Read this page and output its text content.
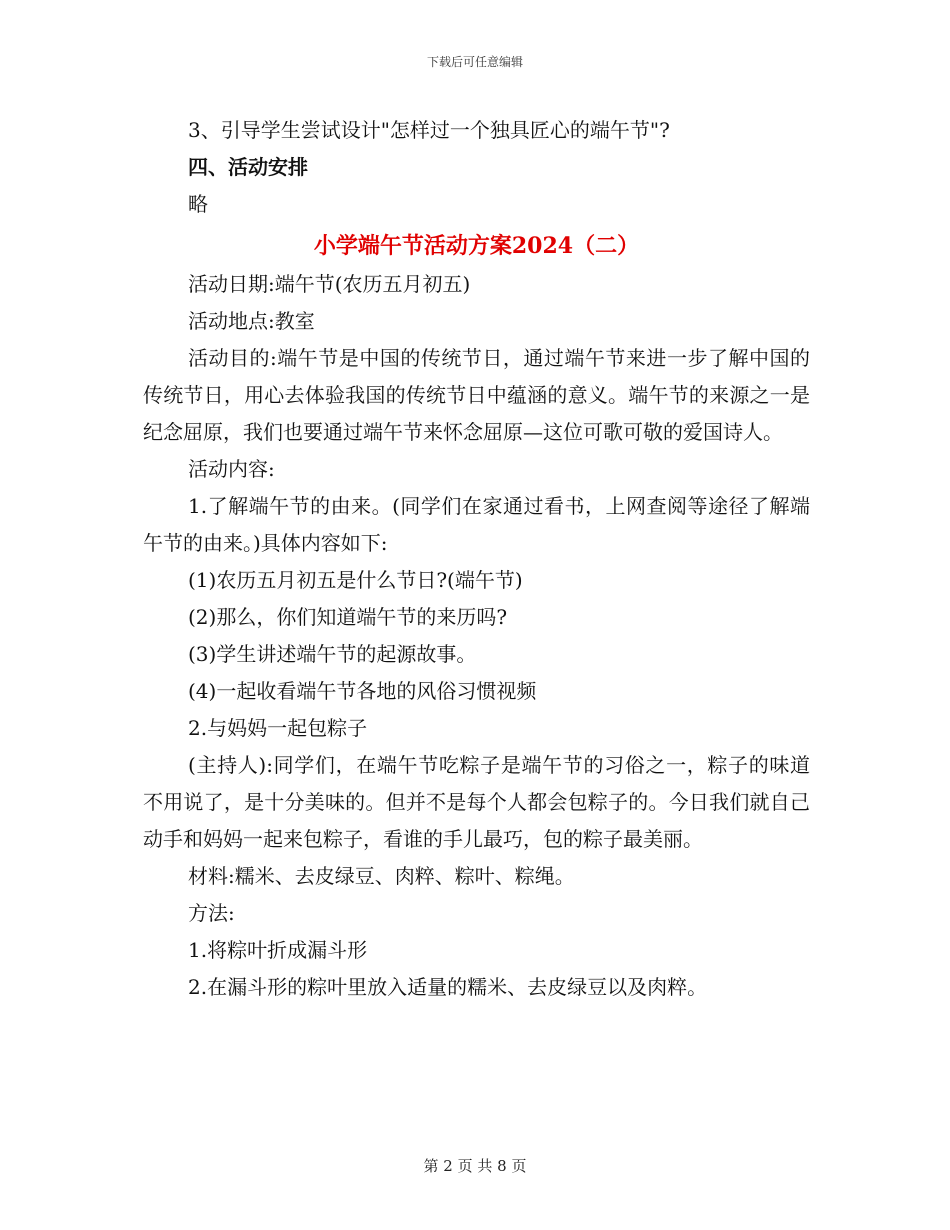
下载后可任意编辑

3、引导学生尝试设计"怎样过一个独具匠心的端午节"?

四、活动安排

略

小学端午节活动方案2024（二）

活动日期:端午节(农历五月初五)

活动地点:教室

活动目的:端午节是中国的传统节日，通过端午节来进一步了解中国的传统节日，用心去体验我国的传统节日中蕴涵的意义。端午节的来源之一是纪念屈原，我们也要通过端午节来怀念屈原—这位可歌可敬的爱国诗人。

活动内容:

1.了解端午节的由来。(同学们在家通过看书，上网查阅等途径了解端午节的由来。)具体内容如下:

(1)农历五月初五是什么节日?(端午节)

(2)那么，你们知道端午节的来历吗?

(3)学生讲述端午节的起源故事。

(4)一起收看端午节各地的风俗习惯视频

2.与妈妈一起包粽子

(主持人):同学们，在端午节吃粽子是端午节的习俗之一，粽子的味道不用说了，是十分美味的。但并不是每个人都会包粽子的。今日我们就自己动手和妈妈一起来包粽子，看谁的手儿最巧，包的粽子最美丽。

材料:糯米、去皮绿豆、肉粹、粽叶、粽绳。

方法:

1.将粽叶折成漏斗形

2.在漏斗形的粽叶里放入适量的糯米、去皮绿豆以及肉粹。

第 2 页 共 8 页
